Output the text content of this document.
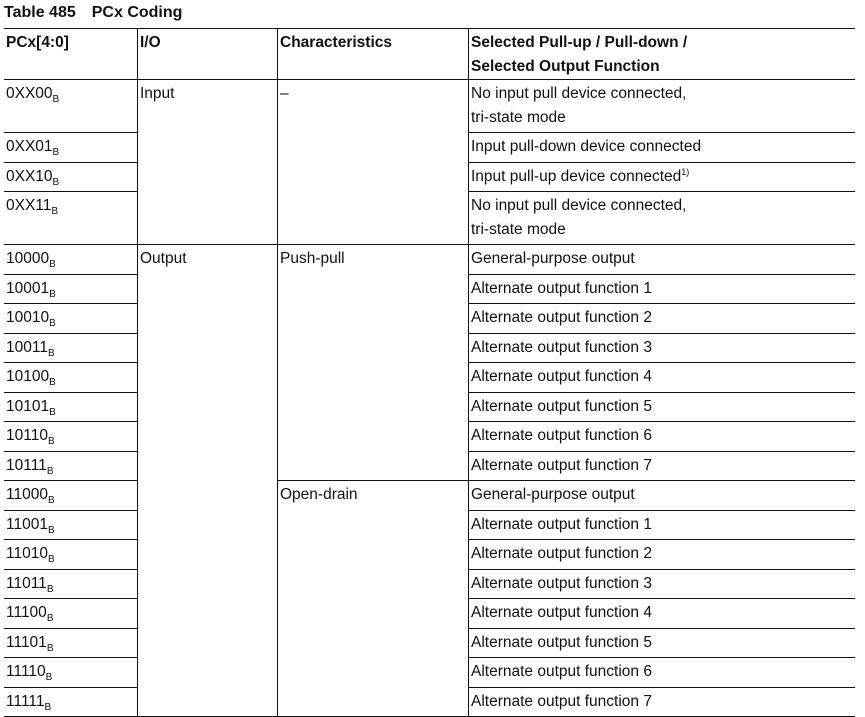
Table 485 PCx Coding
PCx[4:0]	I/O	Characteristics	Selected Pull-up / Pull-down /
Selected Output Function
$0XX00_B$	Input	–	No input pull device connected,
tri-state mode
$0XX01_B$			Input pull-down device connected
$0XX10_B$			Input pull-up device connected$^{1)}$
$0XX11_B$			No input pull device connected,
tri-state mode
$10000_B$	Output	Push-pull	General-purpose output
$10001_B$			Alternate output function 1
$10010_B$			Alternate output function 2
$10011_B$			Alternate output function 3
$10100_B$			Alternate output function 4
$10101_B$			Alternate output function 5
$10110_B$			Alternate output function 6
$10111_B$			Alternate output function 7
$11000_B$		Open-drain	General-purpose output
$11001_B$			Alternate output function 1
$11010_B$			Alternate output function 2
$11011_B$			Alternate output function 3
$11100_B$			Alternate output function 4
$11101_B$			Alternate output function 5
$11110_B$			Alternate output function 6
$11111_B$			Alternate output function 7
